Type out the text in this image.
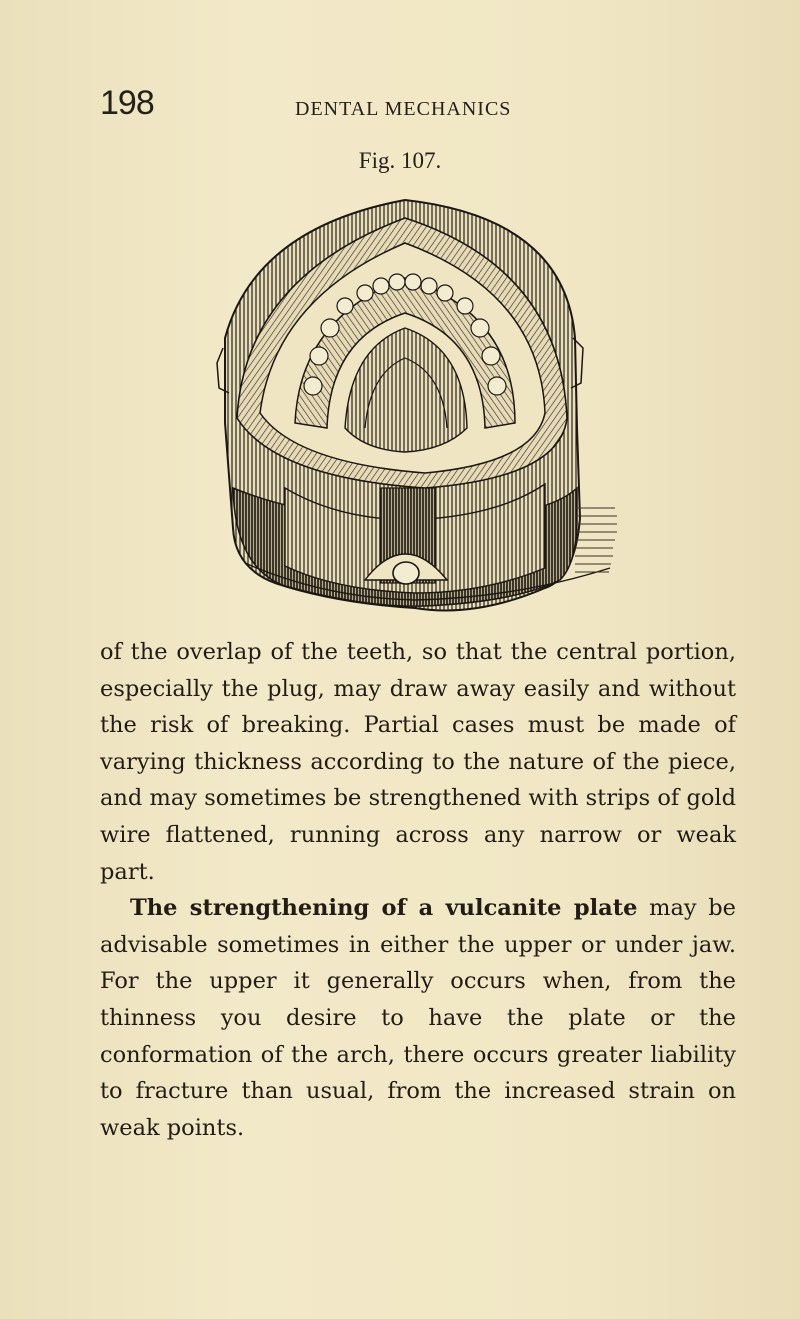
198	DENTAL MECHANICS
Fig. 107.

of the overlap of the teeth, so that the central portion, especially the plug, may draw away easily and without the risk of breaking. Partial cases must be made of varying thickness according to the nature of the piece, and may sometimes be strengthened with strips of gold wire flattened, running across any narrow or weak part.

The strengthening of a vulcanite plate may be advisable sometimes in either the upper or under jaw. For the upper it generally occurs when, from the thinness you desire to have the plate or the conformation of the arch, there occurs greater liability to fracture than usual, from the increased strain on weak points.
